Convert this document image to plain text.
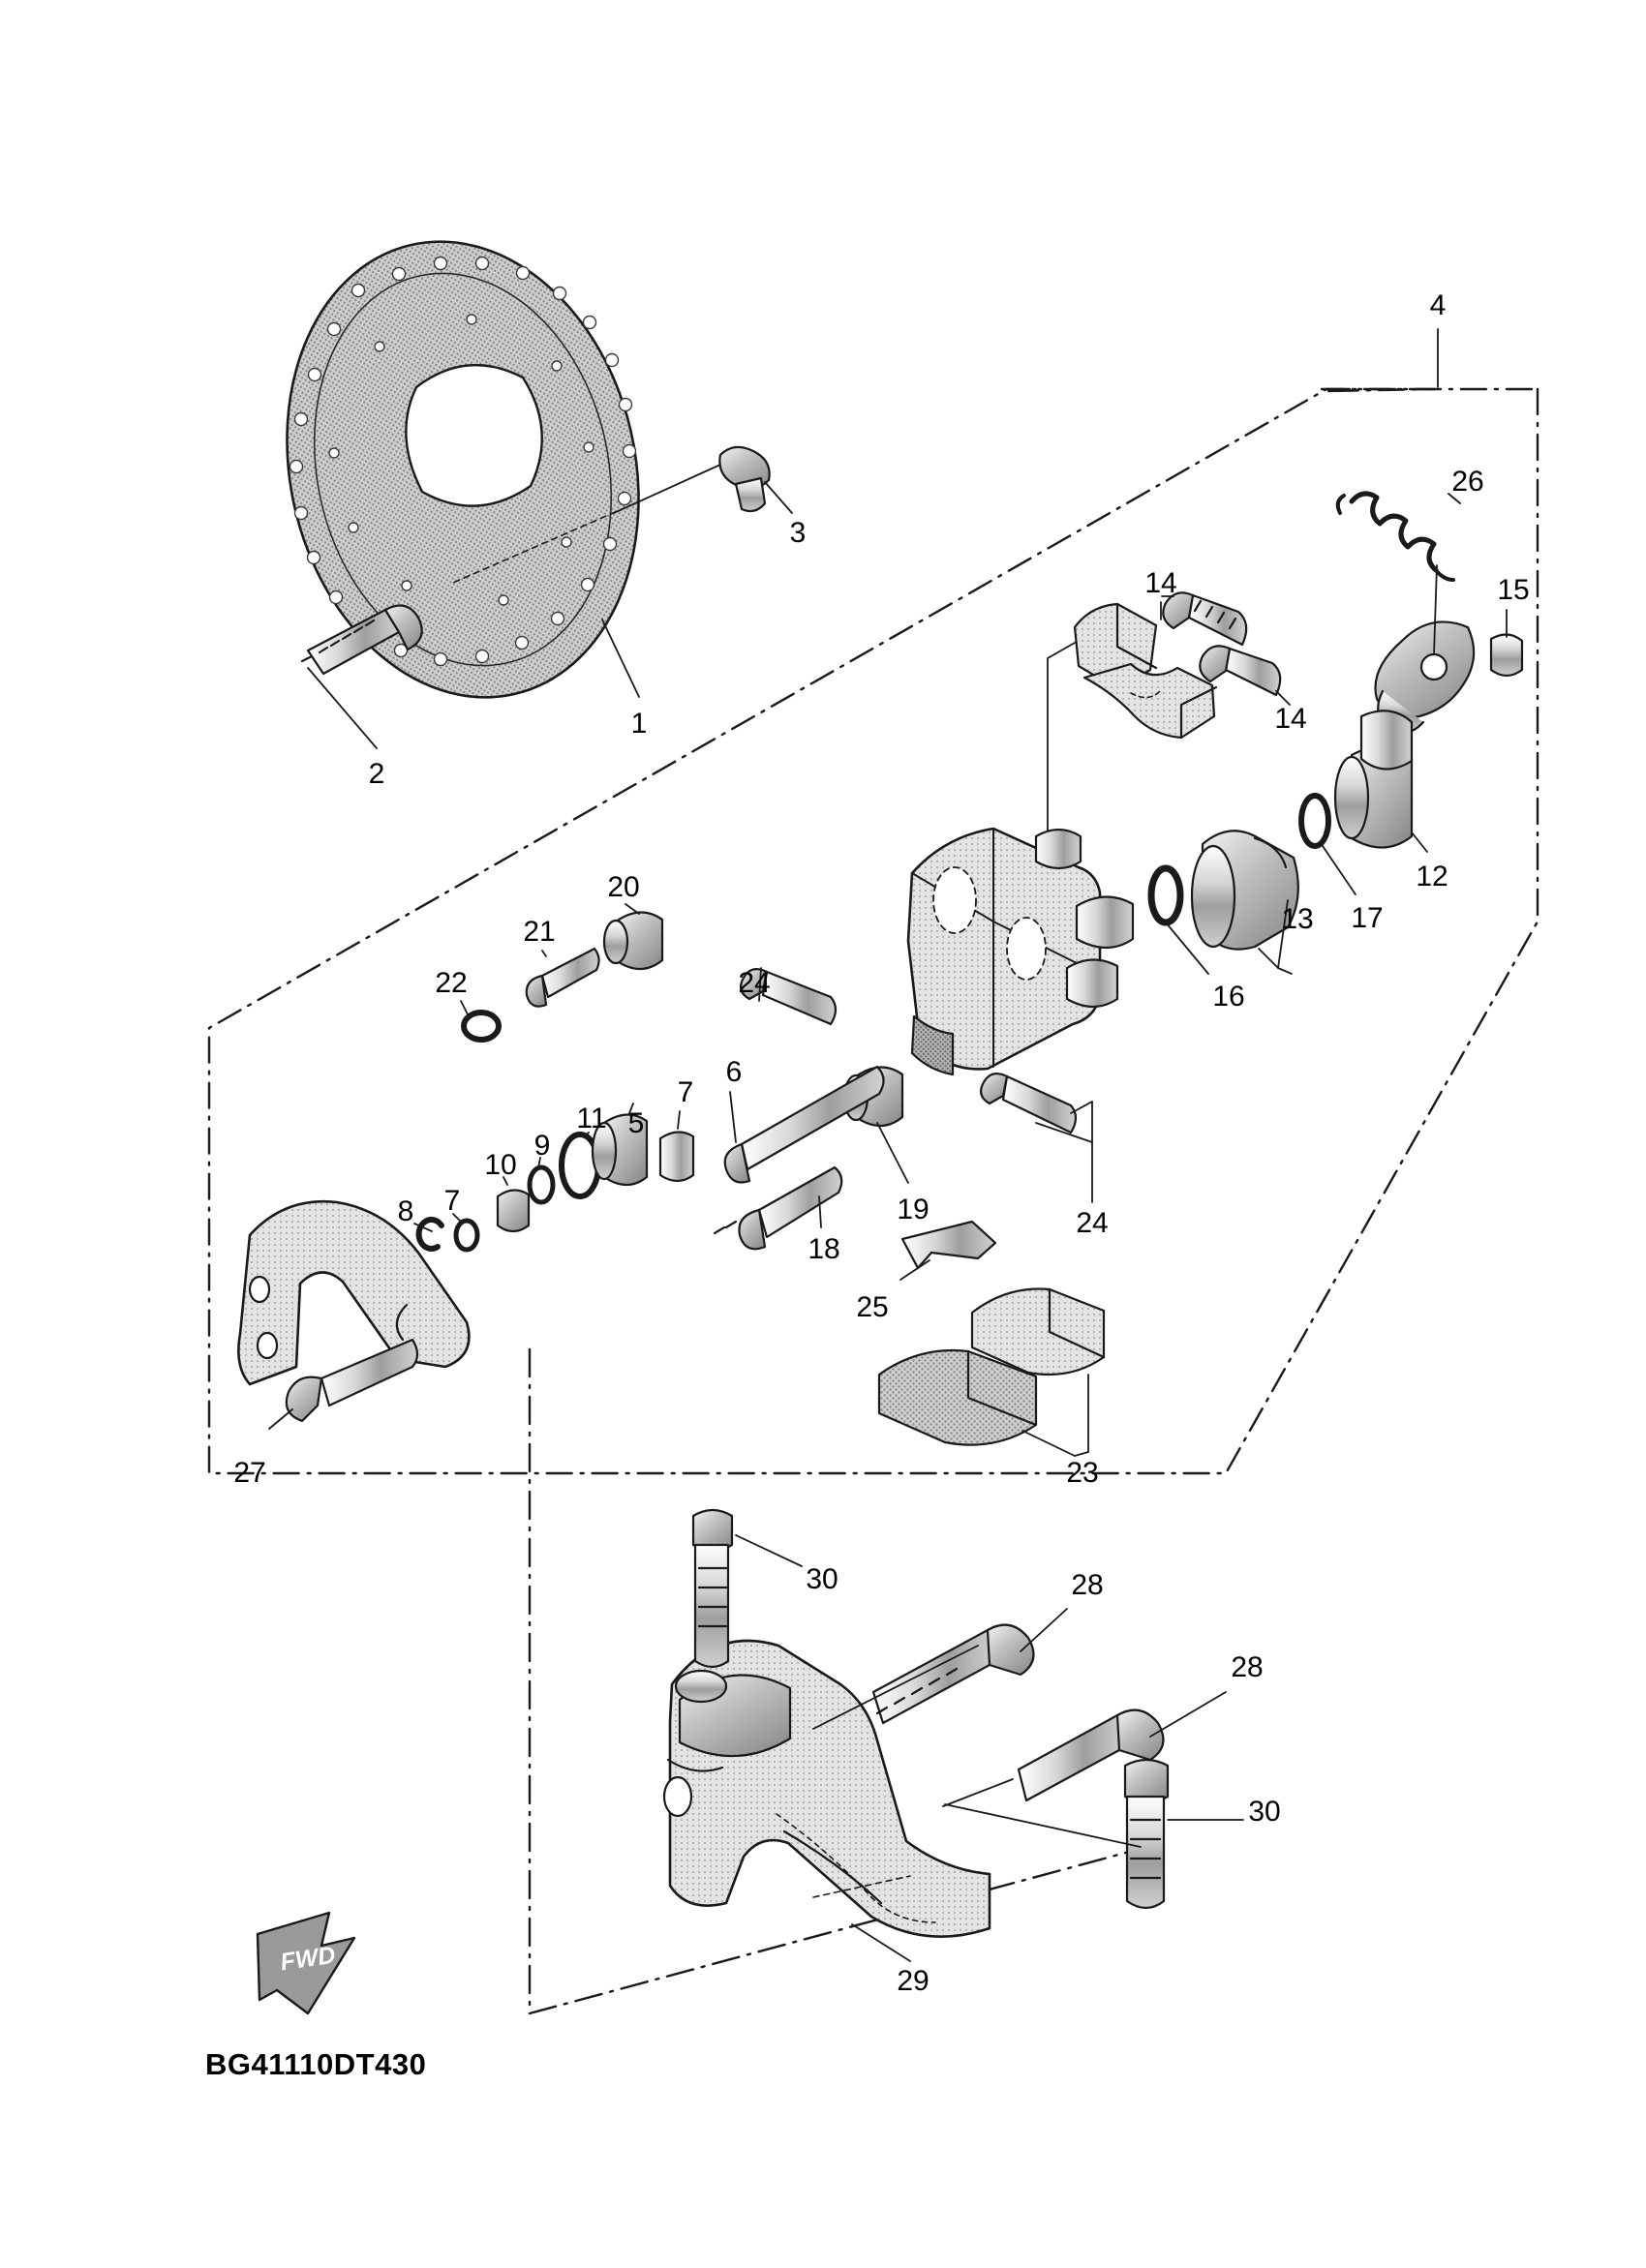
1
2
3
4
5
6
7
7
8
9
10
11
12
13
14
14
15
16
17
18
19
20
21
22
23
24
24
25
26
27
28
28
29
30
30
FWD
BG41110DT430
